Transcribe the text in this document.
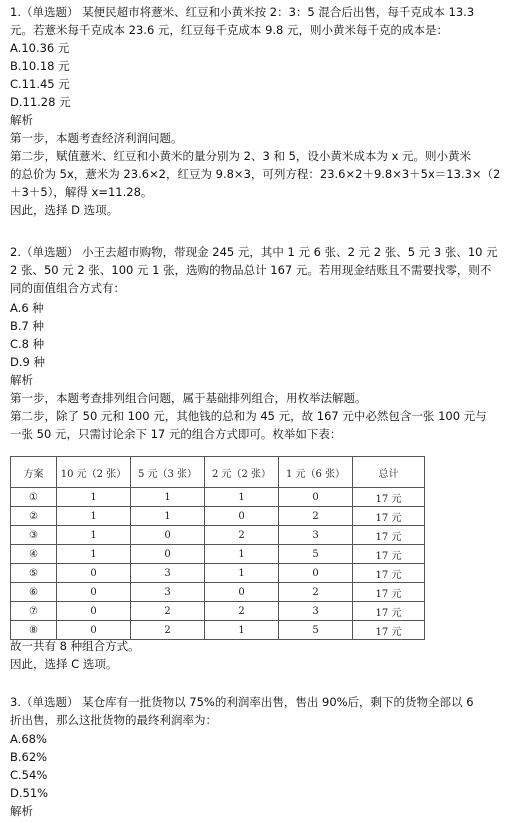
1.（单选题） 某便民超市将薏米、红豆和小黄米按 2：3：5 混合后出售，每千克成本 13.3
元。若薏米每千克成本 23.6 元，红豆每千克成本 9.8 元，则小黄米每千克的成本是：
A.10.36 元
B.10.18 元
C.11.45 元
D.11.28 元
解析
第一步，本题考查经济利润问题。
第二步，赋值薏米、红豆和小黄米的量分别为 2、3 和 5，设小黄米成本为 x 元。则小黄米
的总价为 5x，薏米为 23.6×2，红豆为 9.8×3，可列方程：23.6×2＋9.8×3＋5x＝13.3×（2
＋3＋5），解得 x=11.28。
因此，选择 D 选项。
2.（单选题） 小王去超市购物，带现金 245 元，其中 1 元 6 张、2 元 2 张、5 元 3 张、10 元
2 张、50 元 2 张、100 元 1 张，选购的物品总计 167 元。若用现金结账且不需要找零，则不
同的面值组合方式有：
A.6 种
B.7 种
C.8 种
D.9 种
解析
第一步，本题考查排列组合问题，属于基础排列组合，用枚举法解题。
第二步，除了 50 元和 100 元，其他钱的总和为 45 元，故 167 元中必然包含一张 100 元与
一张 50 元，只需讨论余下 17 元的组合方式即可。枚举如下表：
方案	10 元（2 张）	5 元（3 张）	2 元（2 张）	1 元（6 张）	总计
①	1	1	1	0	17 元
②	1	1	0	2	17 元
③	1	0	2	3	17 元
④	1	0	1	5	17 元
⑤	0	3	1	0	17 元
⑥	0	3	0	2	17 元
⑦	0	2	2	3	17 元
⑧	0	2	1	5	17 元
故一共有 8 种组合方式。
因此，选择 C 选项。
3.（单选题） 某仓库有一批货物以 75%的利润率出售，售出 90%后，剩下的货物全部以 6
折出售，那么这批货物的最终利润率为：
A.68%
B.62%
C.54%
D.51%
解析
